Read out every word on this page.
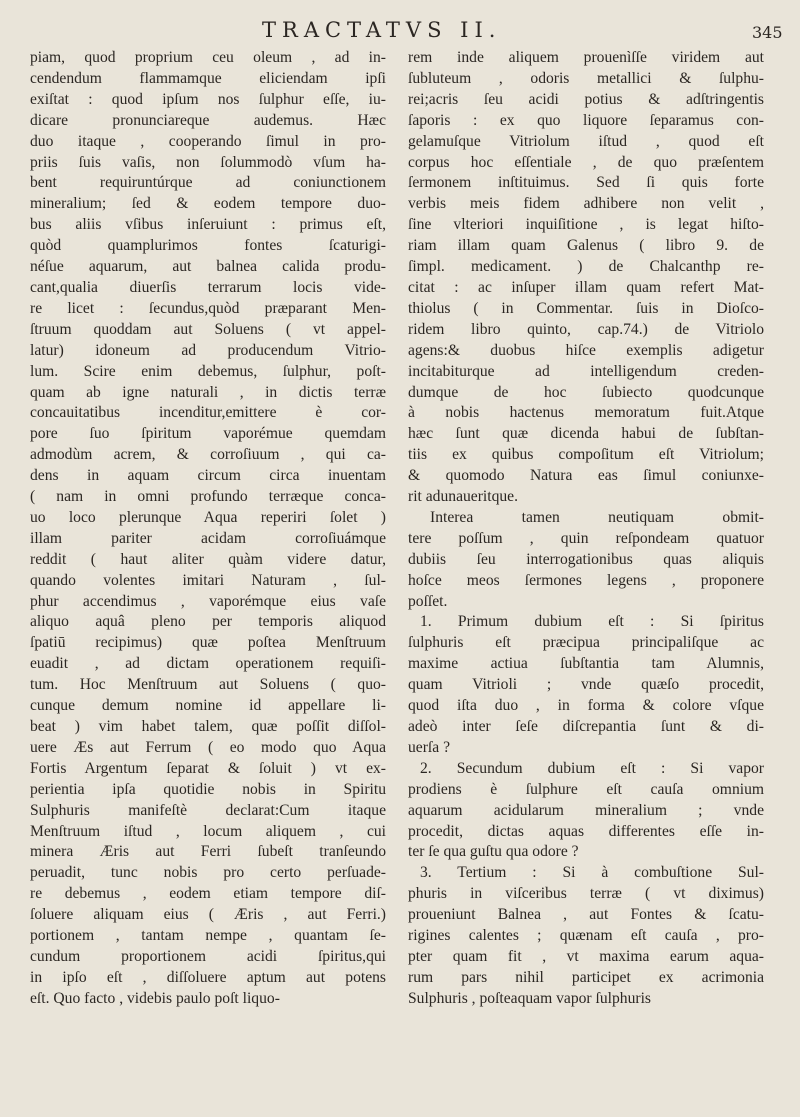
TRACTATVS II.	345
piam, quod proprium ceu oleum , ad in-
cendendum flammamque eliciendam ipſi
exiſtat : quod ipſum nos ſulphur eſſe, iu-
dicare pronunciareque audemus. Hæc
duo itaque , cooperando ſimul in pro-
priis ſuis vaſis, non ſolummodò vſum ha-
bent requiruntúrque ad coniunctionem
mineralium; ſed & eodem tempore duo-
bus aliis vſibus inſeruiunt : primus eſt,
quòd quamplurimos fontes ſcaturigi-
néſue aquarum, aut balnea calida produ-
cant,qualia diuerſis terrarum locis vide-
re licet : ſecundus,quòd præparant Men-
ſtruum quoddam aut Soluens ( vt appel-
latur) idoneum ad producendum Vitrio-
lum. Scire enim debemus, ſulphur, poſt-
quam ab igne naturali , in dictis terræ
concauitatibus incenditur,emittere è cor-
pore ſuo ſpiritum vaporémue quemdam
admodùm acrem, & corroſiuum , qui ca-
dens in aquam circum circa inuentam
( nam in omni profundo terræque conca-
uo loco plerunque Aqua reperiri ſolet )
illam pariter acidam corroſiuámque
reddit ( haut aliter quàm videre datur,
quando volentes imitari Naturam , ſul-
phur accendimus , vaporémque eius vaſe
aliquo aquâ pleno per temporis aliquod
ſpatiū recipimus) quæ poſtea Menſtruum
euadit , ad dictam operationem requiſi-
tum. Hoc Menſtruum aut Soluens ( quo-
cunque demum nomine id appellare li-
beat ) vim habet talem, quæ poſſit diſſol-
uere Æs aut Ferrum ( eo modo quo Aqua
Fortis Argentum ſeparat & ſoluit ) vt ex-
perientia ipſa quotidie nobis in Spiritu
Sulphuris manifeſtè declarat:Cum itaque
Menſtruum iſtud , locum aliquem , cui
minera Æris aut Ferri ſubeſt tranſeundo
peruadit, tunc nobis pro certo perſuade-
re debemus , eodem etiam tempore diſ-
ſoluere aliquam eius ( Æris , aut Ferri.)
portionem , tantam nempe , quantam ſe-
cundum proportionem acidi ſpiritus,qui
in ipſo eſt , diſſoluere aptum aut potens
eſt. Quo facto , videbis paulo poſt liquo-
rem inde aliquem prouenìſſe viridem aut
ſubluteum , odoris metallici & ſulphu-
rei;acris ſeu acidi potius & adſtringentis
ſaporis : ex quo liquore ſeparamus con-
gelamuſque Vitriolum iſtud , quod eſt
corpus hoc eſſentiale , de quo præſentem
ſermonem inſtituimus. Sed ſi quis forte
verbis meis fidem adhibere non velit ,
ſine vlteriori inquiſitione , is legat hiſto-
riam illam quam Galenus ( libro 9. de
ſimpl. medicament. ) de Chalcanthp re-
citat : ac inſuper illam quam refert Mat-
thiolus ( in Commentar. ſuis in Dioſco-
ridem libro quinto, cap.74.) de Vitriolo
agens:& duobus hiſce exemplis adigetur
incitabiturque ad intelligendum creden-
dumque de hoc ſubiecto quodcunque
à nobis hactenus memoratum fuit.Atque
hæc ſunt quæ dicenda habui de ſubſtan-
tiis ex quibus compoſitum eſt Vitriolum;
& quomodo Natura eas ſimul coniunxe-
rit adunaueritque.
Interea tamen neutiquam obmit-
tere poſſum , quin reſpondeam quatuor
dubiis ſeu interrogationibus quas aliquis
hoſce meos ſermones legens , proponere
poſſet.
1. Primum dubium eſt : Si ſpiritus
ſulphuris eſt præcipua principaliſque ac
maxime actiua ſubſtantia tam Alumnis,
quam Vitrioli ; vnde quæſo procedit,
quod iſta duo , in forma & colore vſque
adeò inter ſeſe diſcrepantia ſunt & di-
uerſa ?
2. Secundum dubium eſt : Si vapor
prodiens è ſulphure eſt cauſa omnium
aquarum acidularum mineralium ; vnde
procedit, dictas aquas differentes eſſe in-
ter ſe qua guſtu qua odore ?
3. Tertium : Si à combuſtione Sul-
phuris in viſceribus terræ ( vt diximus)
proueniunt Balnea , aut Fontes & ſcatu-
rigines calentes ; quænam eſt cauſa , pro-
pter quam fit , vt maxima earum aqua-
rum pars nihil participet ex acrimonia
Sulphuris , poſteaquam vapor ſulphuris
